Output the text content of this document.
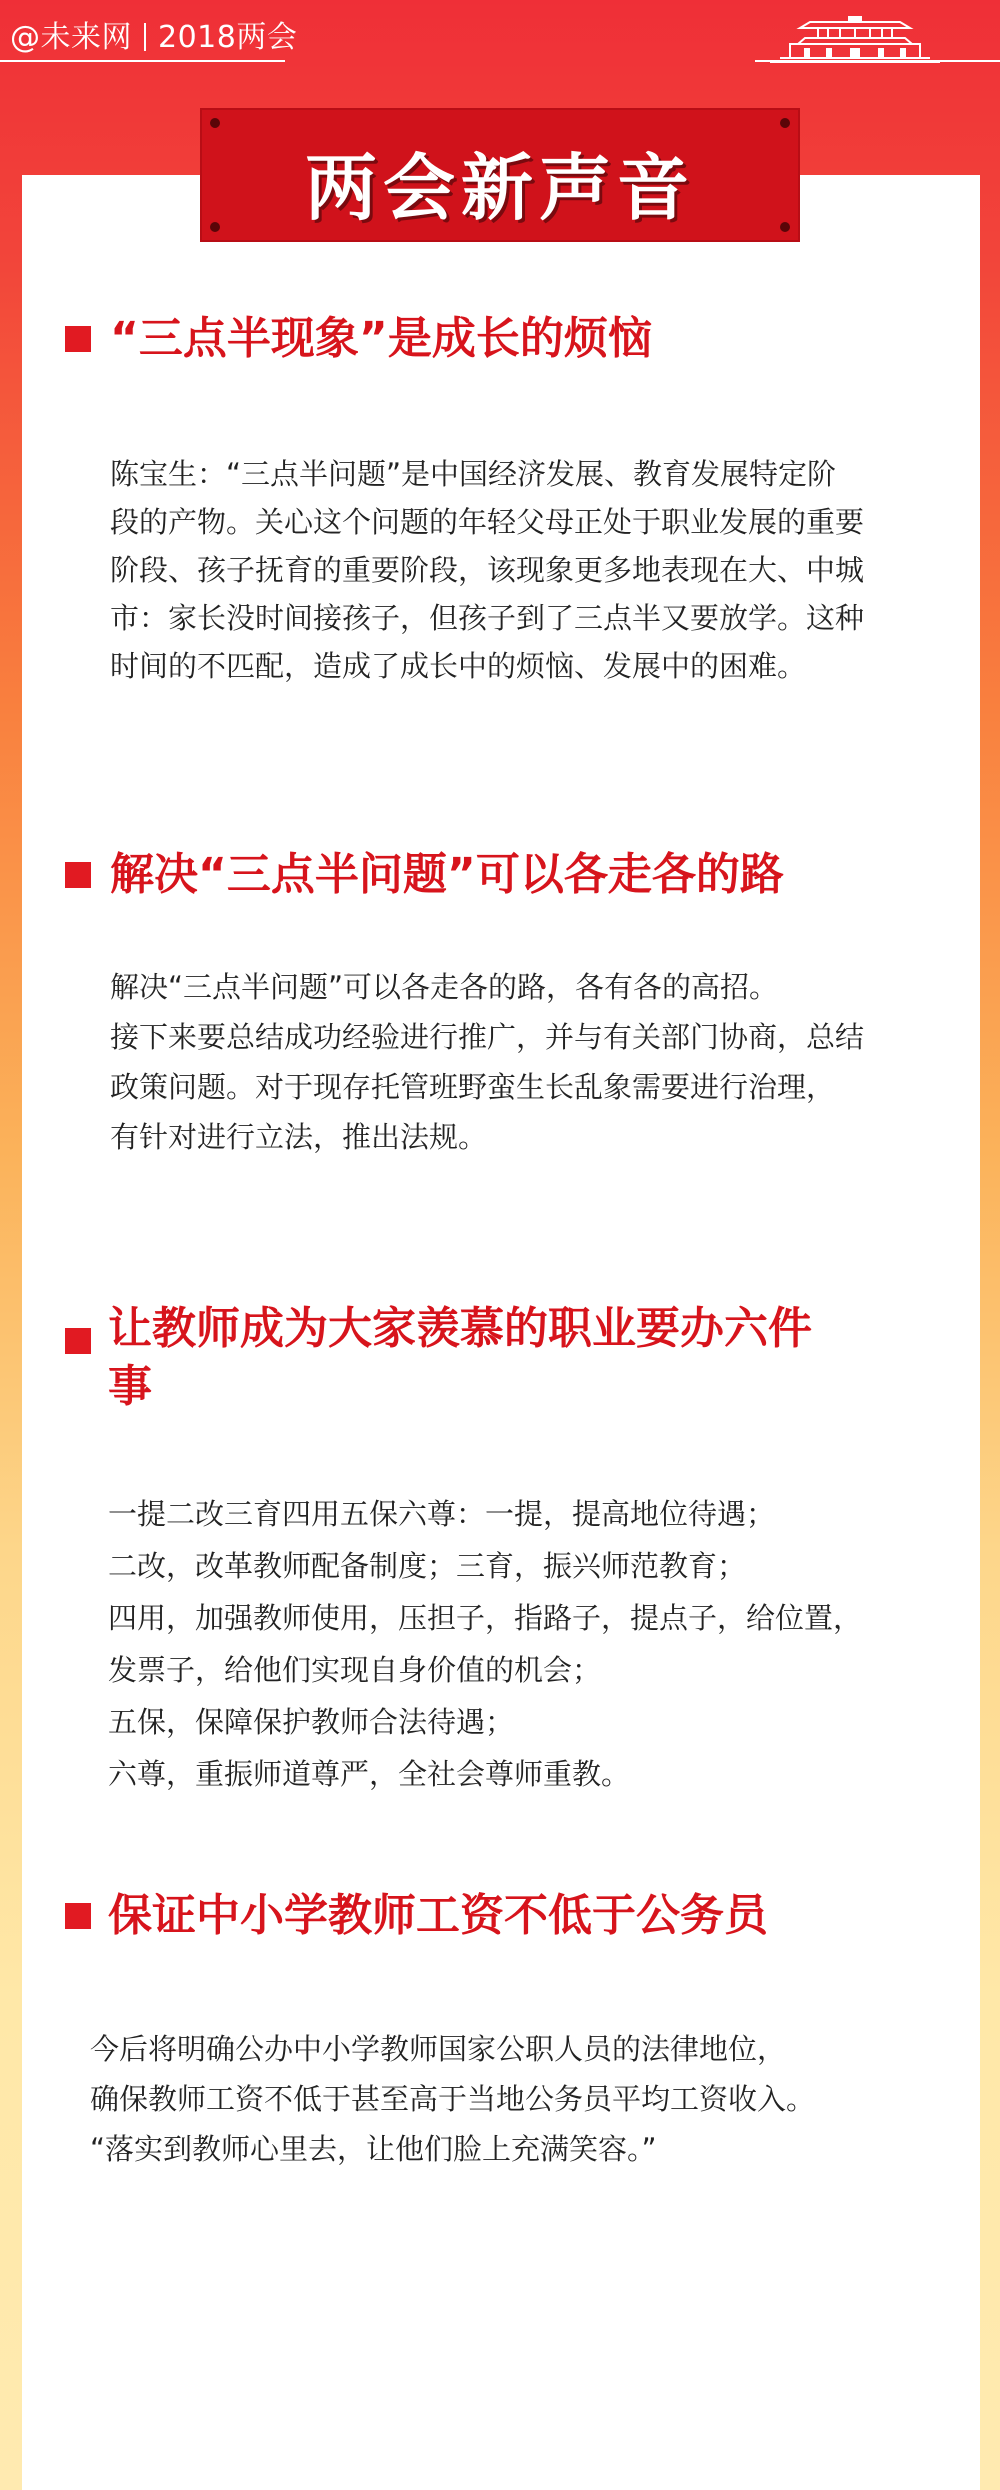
@未来网 2018两会
两会新声音
“三点半现象”是成长的烦恼
陈宝生：“三点半问题”是中国经济发展、教育发展特定阶
段的产物。关心这个问题的年轻父母正处于职业发展的重要
阶段、孩子抚育的重要阶段，该现象更多地表现在大、中城
市：家长没时间接孩子，但孩子到了三点半又要放学。这种
时间的不匹配，造成了成长中的烦恼、发展中的困难。
解决“三点半问题”可以各走各的路
解决“三点半问题”可以各走各的路，各有各的高招。
接下来要总结成功经验进行推广，并与有关部门协商，总结
政策问题。对于现存托管班野蛮生长乱象需要进行治理，
有针对进行立法，推出法规。
让教师成为大家羡慕的职业要办六件
事
一提二改三育四用五保六尊：一提，提高地位待遇；
二改，改革教师配备制度；三育，振兴师范教育；
四用，加强教师使用，压担子，指路子，提点子，给位置，
发票子，给他们实现自身价值的机会；
五保，保障保护教师合法待遇；
六尊，重振师道尊严，全社会尊师重教。
保证中小学教师工资不低于公务员
今后将明确公办中小学教师国家公职人员的法律地位，
确保教师工资不低于甚至高于当地公务员平均工资收入。
“落实到教师心里去，让他们脸上充满笑容。”
